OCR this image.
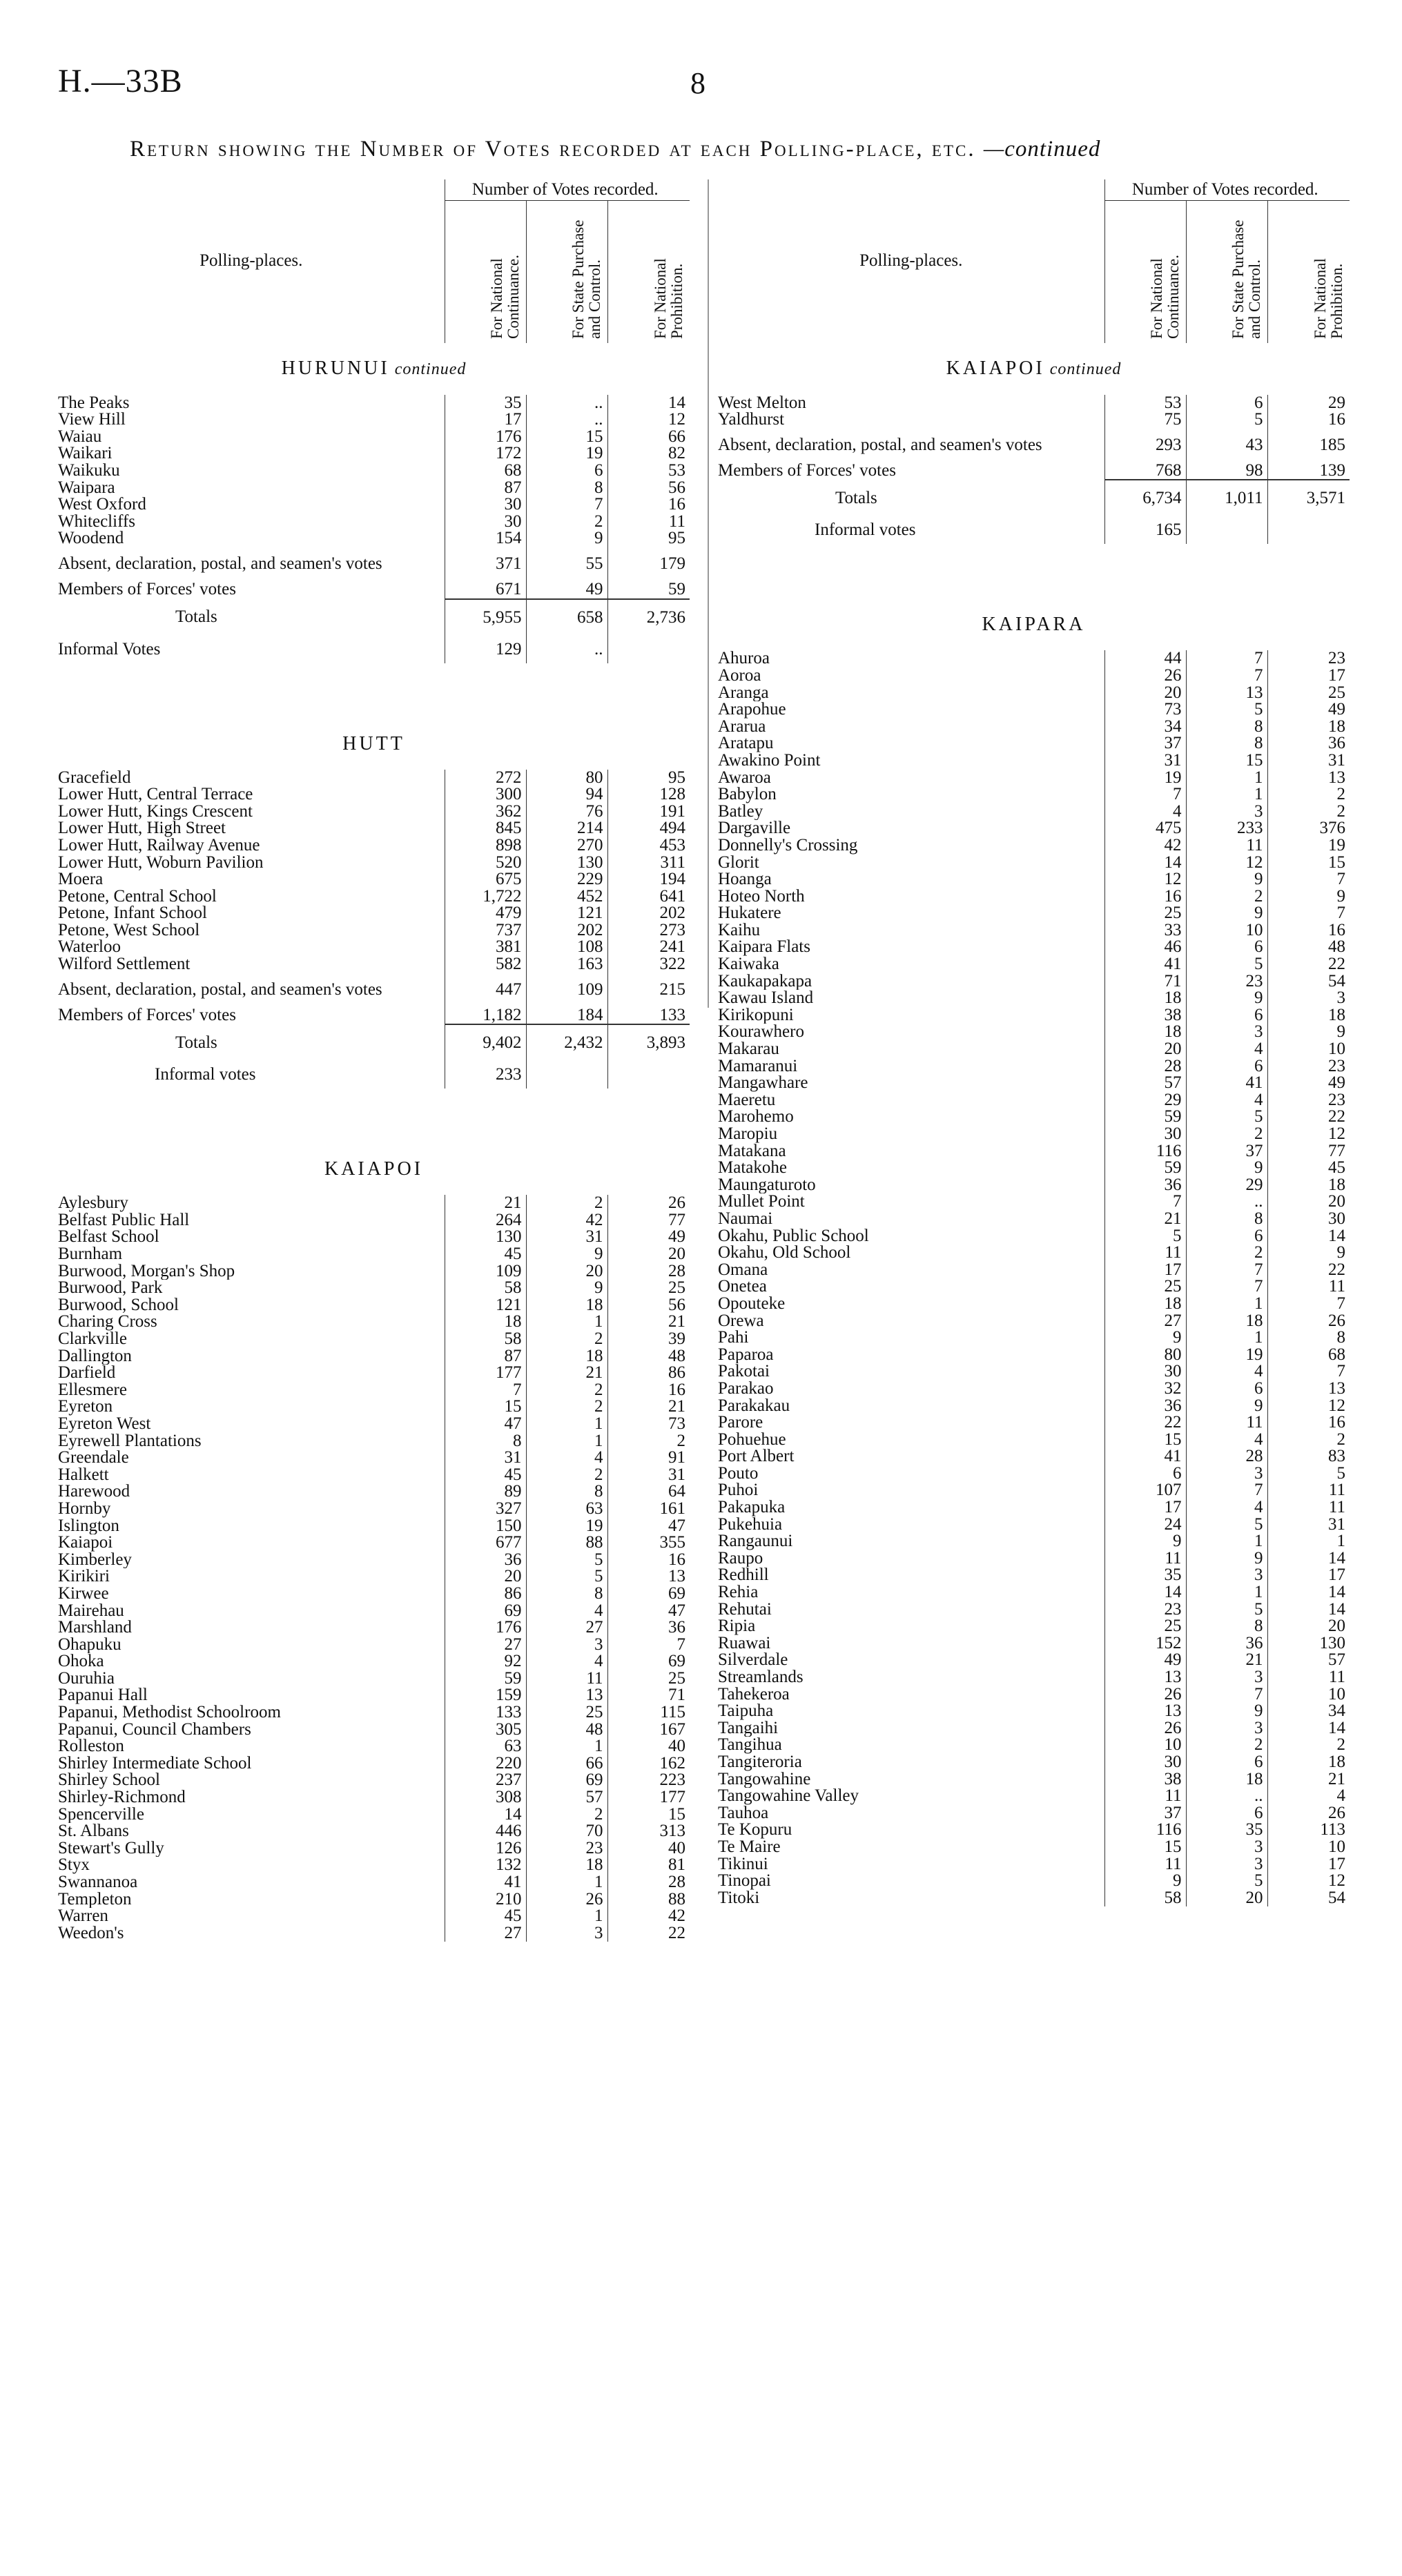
H.—33B	8
Return showing the Number of Votes recorded at each Polling-place, etc. —continued
Polling-places.	Number of Votes recorded.		
	For National Continuance.	For State Purchase and Control.	For National Prohibition.
HURUNUI continued			
The Peaks	35	..	14
View Hill	17	..	12
Waiau	176	15	66
Waikari	172	19	82
Waikuku	68	6	53
Waipara	87	8	56
West Oxford	30	7	16
Whitecliffs	30	2	11
Woodend	154	9	95
Absent, declaration, postal, and seamen's votes	371	55	179
Members of Forces' votes	671	49	59
Totals	5,955	658	2,736
Informal Votes	129	..	

HUTT			
Gracefield	272	80	95
Lower Hutt, Central Terrace	300	94	128
Lower Hutt, Kings Crescent	362	76	191
Lower Hutt, High Street	845	214	494
Lower Hutt, Railway Avenue	898	270	453
Lower Hutt, Woburn Pavilion	520	130	311
Moera	675	229	194
Petone, Central School	1,722	452	641
Petone, Infant School	479	121	202
Petone, West School	737	202	273
Waterloo	381	108	241
Wilford Settlement	582	163	322
Absent, declaration, postal, and seamen's votes	447	109	215
Members of Forces' votes	1,182	184	133
Totals	9,402	2,432	3,893
Informal votes	233		

KAIAPOI			
Aylesbury	21	2	26
Belfast Public Hall	264	42	77
Belfast School	130	31	49
Burnham	45	9	20
Burwood, Morgan's Shop	109	20	28
Burwood, Park	58	9	25
Burwood, School	121	18	56
Charing Cross	18	1	21
Clarkville	58	2	39
Dallington	87	18	48
Darfield	177	21	86
Ellesmere	7	2	16
Eyreton	15	2	21
Eyreton West	47	1	73
Eyrewell Plantations	8	1	2
Greendale	31	4	91
Halkett	45	2	31
Harewood	89	8	64
Hornby	327	63	161
Islington	150	19	47
Kaiapoi	677	88	355
Kimberley	36	5	16
Kirikiri	20	5	13
Kirwee	86	8	69
Mairehau	69	4	47
Marshland	176	27	36
Ohapuku	27	3	7
Ohoka	92	4	69
Ouruhia	59	11	25
Papanui Hall	159	13	71
Papanui, Methodist Schoolroom	133	25	115
Papanui, Council Chambers	305	48	167
Rolleston	63	1	40
Shirley Intermediate School	220	66	162
Shirley School	237	69	223
Shirley-Richmond	308	57	177
Spencerville	14	2	15
St. Albans	446	70	313
Stewart's Gully	126	23	40
Styx	132	18	81
Swannanoa	41	1	28
Templeton	210	26	88
Warren	45	1	42
Weedon's	27	3	22
Polling-places.	Number of Votes recorded.		
	For National Continuance.	For State Purchase and Control.	For National Prohibition.
KAIAPOI continued			
West Melton	53	6	29
Yaldhurst	75	5	16
Absent, declaration, postal, and seamen's votes	293	43	185
Members of Forces' votes	768	98	139
Totals	6,734	1,011	3,571
Informal votes	165		

KAIPARA			
Ahuroa	44	7	23
Aoroa	26	7	17
Aranga	20	13	25
Arapohue	73	5	49
Ararua	34	8	18
Aratapu	37	8	36
Awakino Point	31	15	31
Awaroa	19	1	13
Babylon	7	1	2
Batley	4	3	2
Dargaville	475	233	376
Donnelly's Crossing	42	11	19
Glorit	14	12	15
Hoanga	12	9	7
Hoteo North	16	2	9
Hukatere	25	9	7
Kaihu	33	10	16
Kaipara Flats	46	6	48
Kaiwaka	41	5	22
Kaukapakapa	71	23	54
Kawau Island	18	9	3
Kirikopuni	38	6	18
Kourawhero	18	3	9
Makarau	20	4	10
Mamaranui	28	6	23
Mangawhare	57	41	49
Maeretu	29	4	23
Marohemo	59	5	22
Maropiu	30	2	12
Matakana	116	37	77
Matakohe	59	9	45
Maungaturoto	36	29	18
Mullet Point	7	..	20
Naumai	21	8	30
Okahu, Public School	5	6	14
Okahu, Old School	11	2	9
Omana	17	7	22
Onetea	25	7	11
Opouteke	18	1	7
Orewa	27	18	26
Pahi	9	1	8
Paparoa	80	19	68
Pakotai	30	4	7
Parakao	32	6	13
Parakakau	36	9	12
Parore	22	11	16
Pohuehue	15	4	2
Port Albert	41	28	83
Pouto	6	3	5
Puhoi	107	7	11
Pakapuka	17	4	11
Pukehuia	24	5	31
Rangaunui	9	1	1
Raupo	11	9	14
Redhill	35	3	17
Rehia	14	1	14
Rehutai	23	5	14
Ripia	25	8	20
Ruawai	152	36	130
Silverdale	49	21	57
Streamlands	13	3	11
Tahekeroa	26	7	10
Taipuha	13	9	34
Tangaihi	26	3	14
Tangihua	10	2	2
Tangiteroria	30	6	18
Tangowahine	38	18	21
Tangowahine Valley	11	..	4
Tauhoa	37	6	26
Te Kopuru	116	35	113
Te Maire	15	3	10
Tikinui	11	3	17
Tinopai	9	5	12
Titoki	58	20	54
